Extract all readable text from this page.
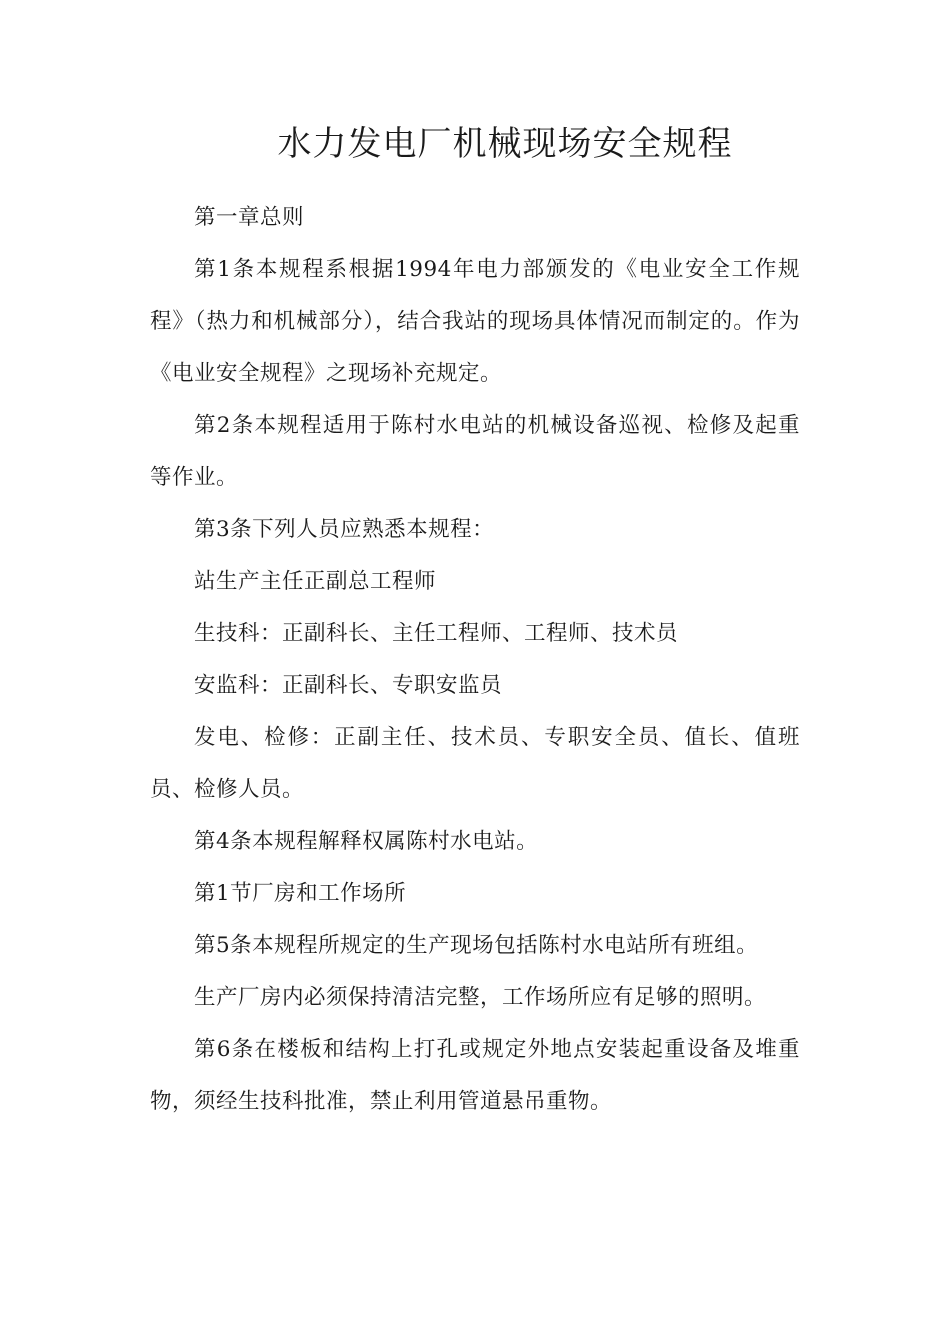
水力发电厂机械现场安全规程

第一章总则

第1条本规程系根据1994年电力部颁发的《电业安全工作规程》（热力和机械部分），结合我站的现场具体情况而制定的。作为《电业安全规程》之现场补充规定。

第2条本规程适用于陈村水电站的机械设备巡视、检修及起重等作业。

第3条下列人员应熟悉本规程：

站生产主任正副总工程师

生技科：正副科长、主任工程师、工程师、技术员

安监科：正副科长、专职安监员

发电、检修：正副主任、技术员、专职安全员、值长、值班员、检修人员。

第4条本规程解释权属陈村水电站。

第1节厂房和工作场所

第5条本规程所规定的生产现场包括陈村水电站所有班组。

生产厂房内必须保持清洁完整，工作场所应有足够的照明。

第6条在楼板和结构上打孔或规定外地点安装起重设备及堆重物，须经生技科批准，禁止利用管道悬吊重物。
